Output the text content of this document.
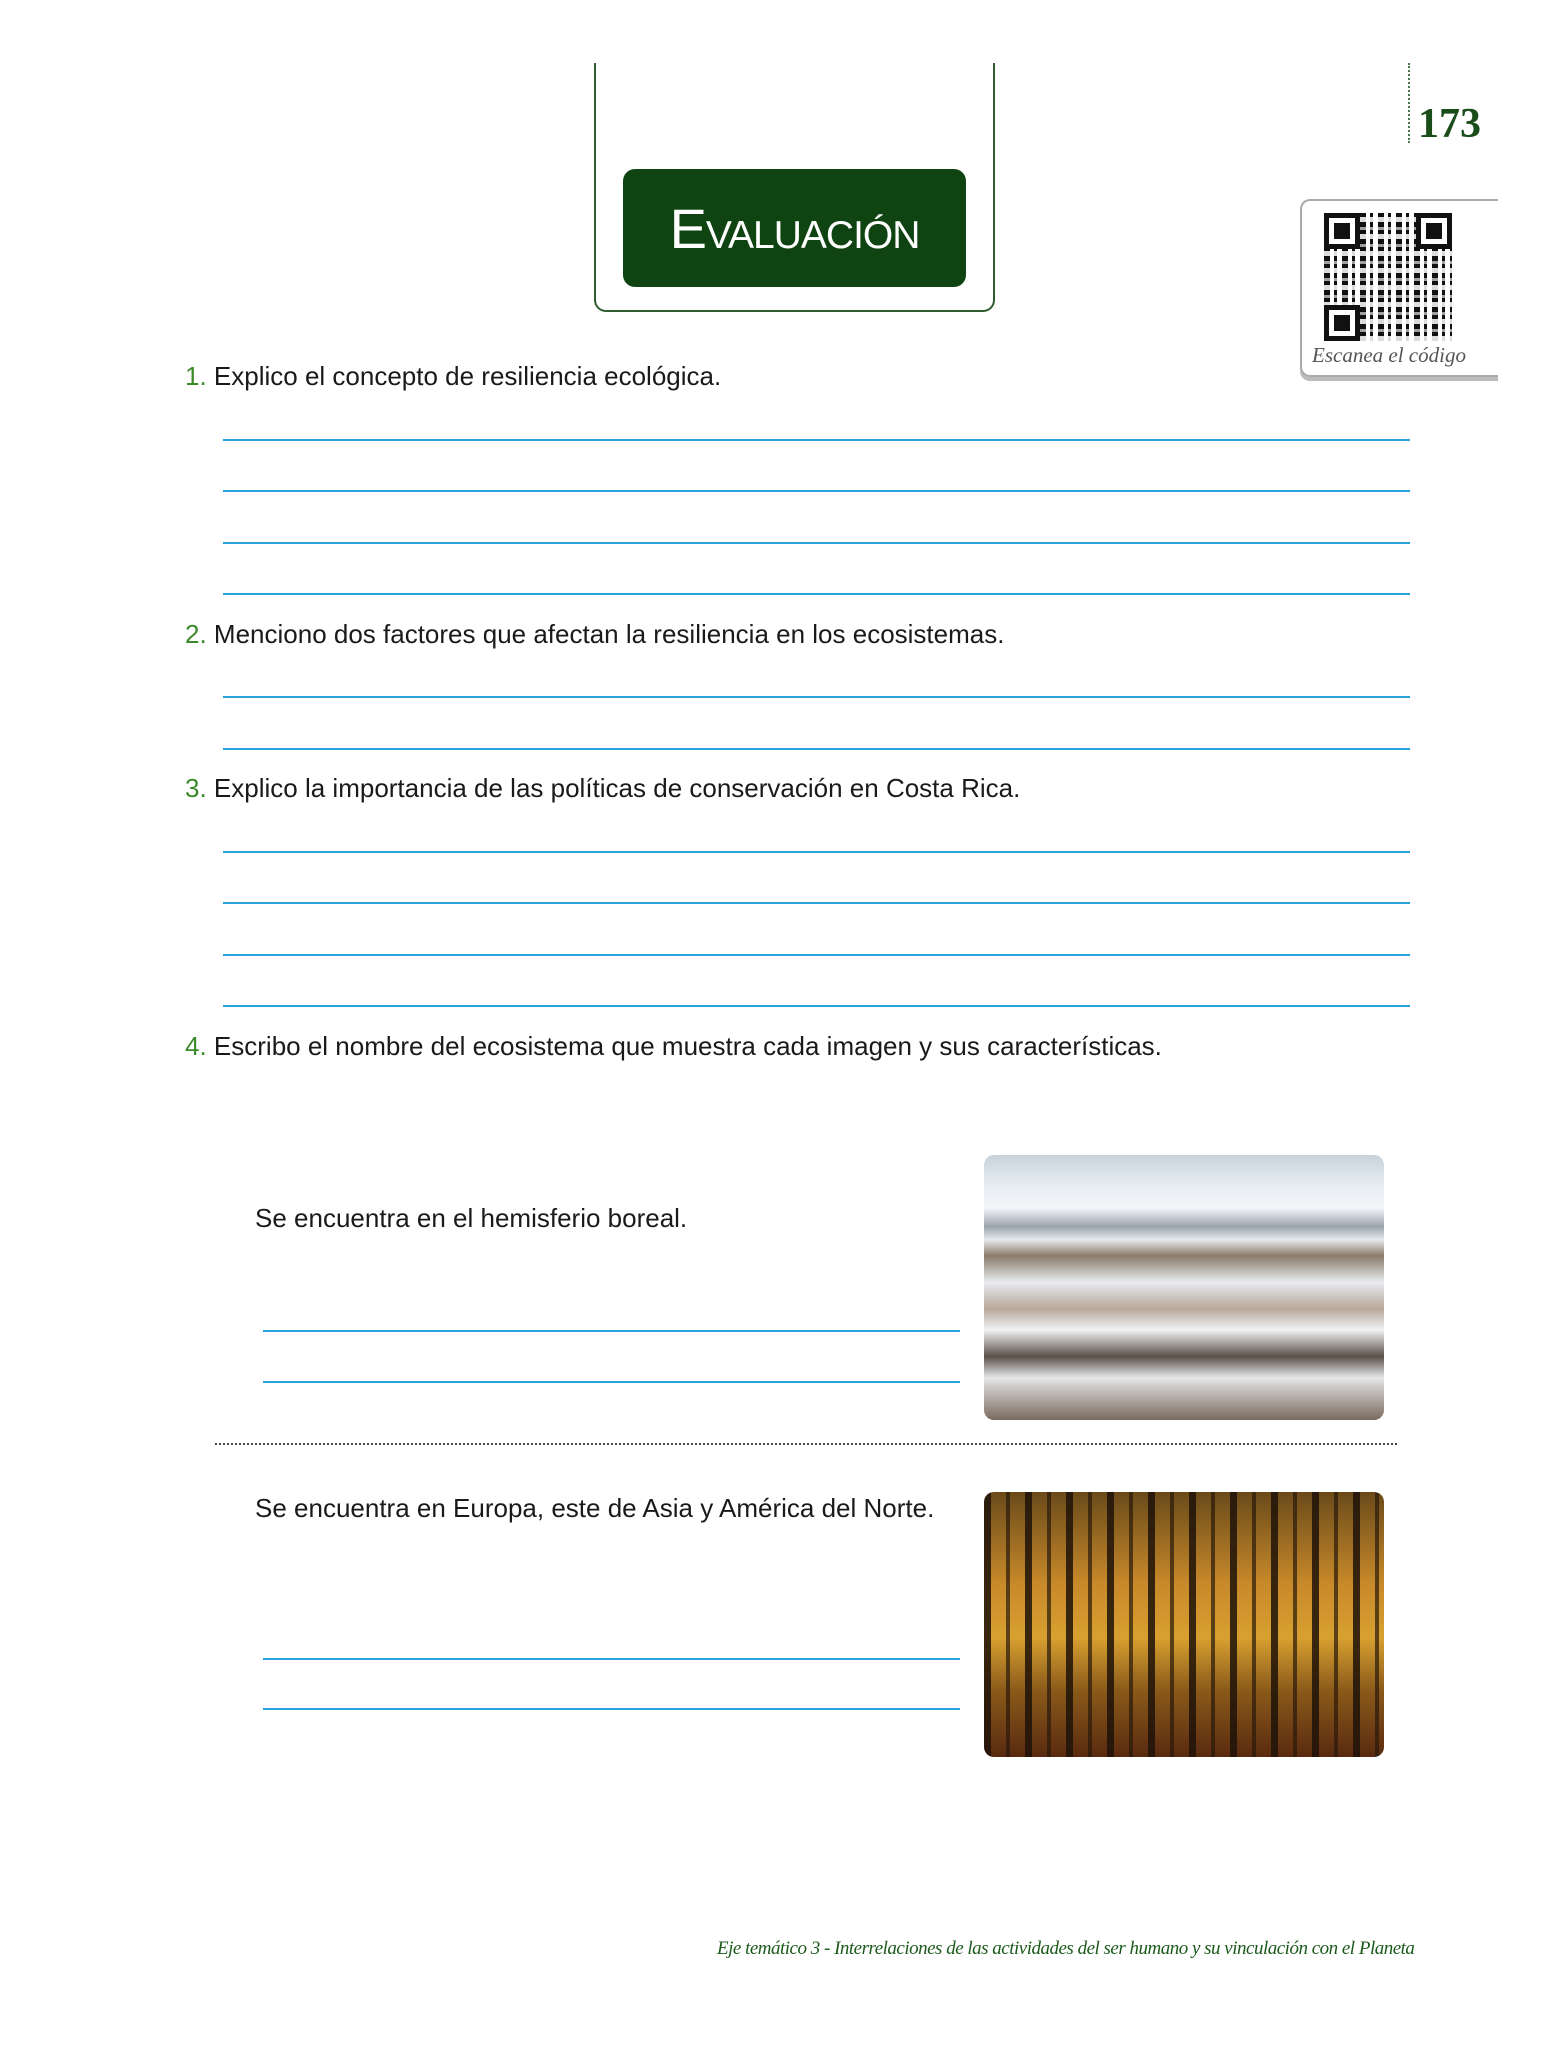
Evaluación
173
Escanea el código
1. Explico el concepto de resiliencia ecológica.
2. Menciono dos factores que afectan la resiliencia en los ecosistemas.
3. Explico la importancia de las políticas de conservación en Costa Rica.
4. Escribo el nombre del ecosistema que muestra cada imagen y sus características.
Se encuentra en el hemisferio boreal.
Se encuentra en Europa, este de Asia y América del Norte.
Eje temático 3 - Interrelaciones de las actividades del ser humano y su vinculación con el Planeta
